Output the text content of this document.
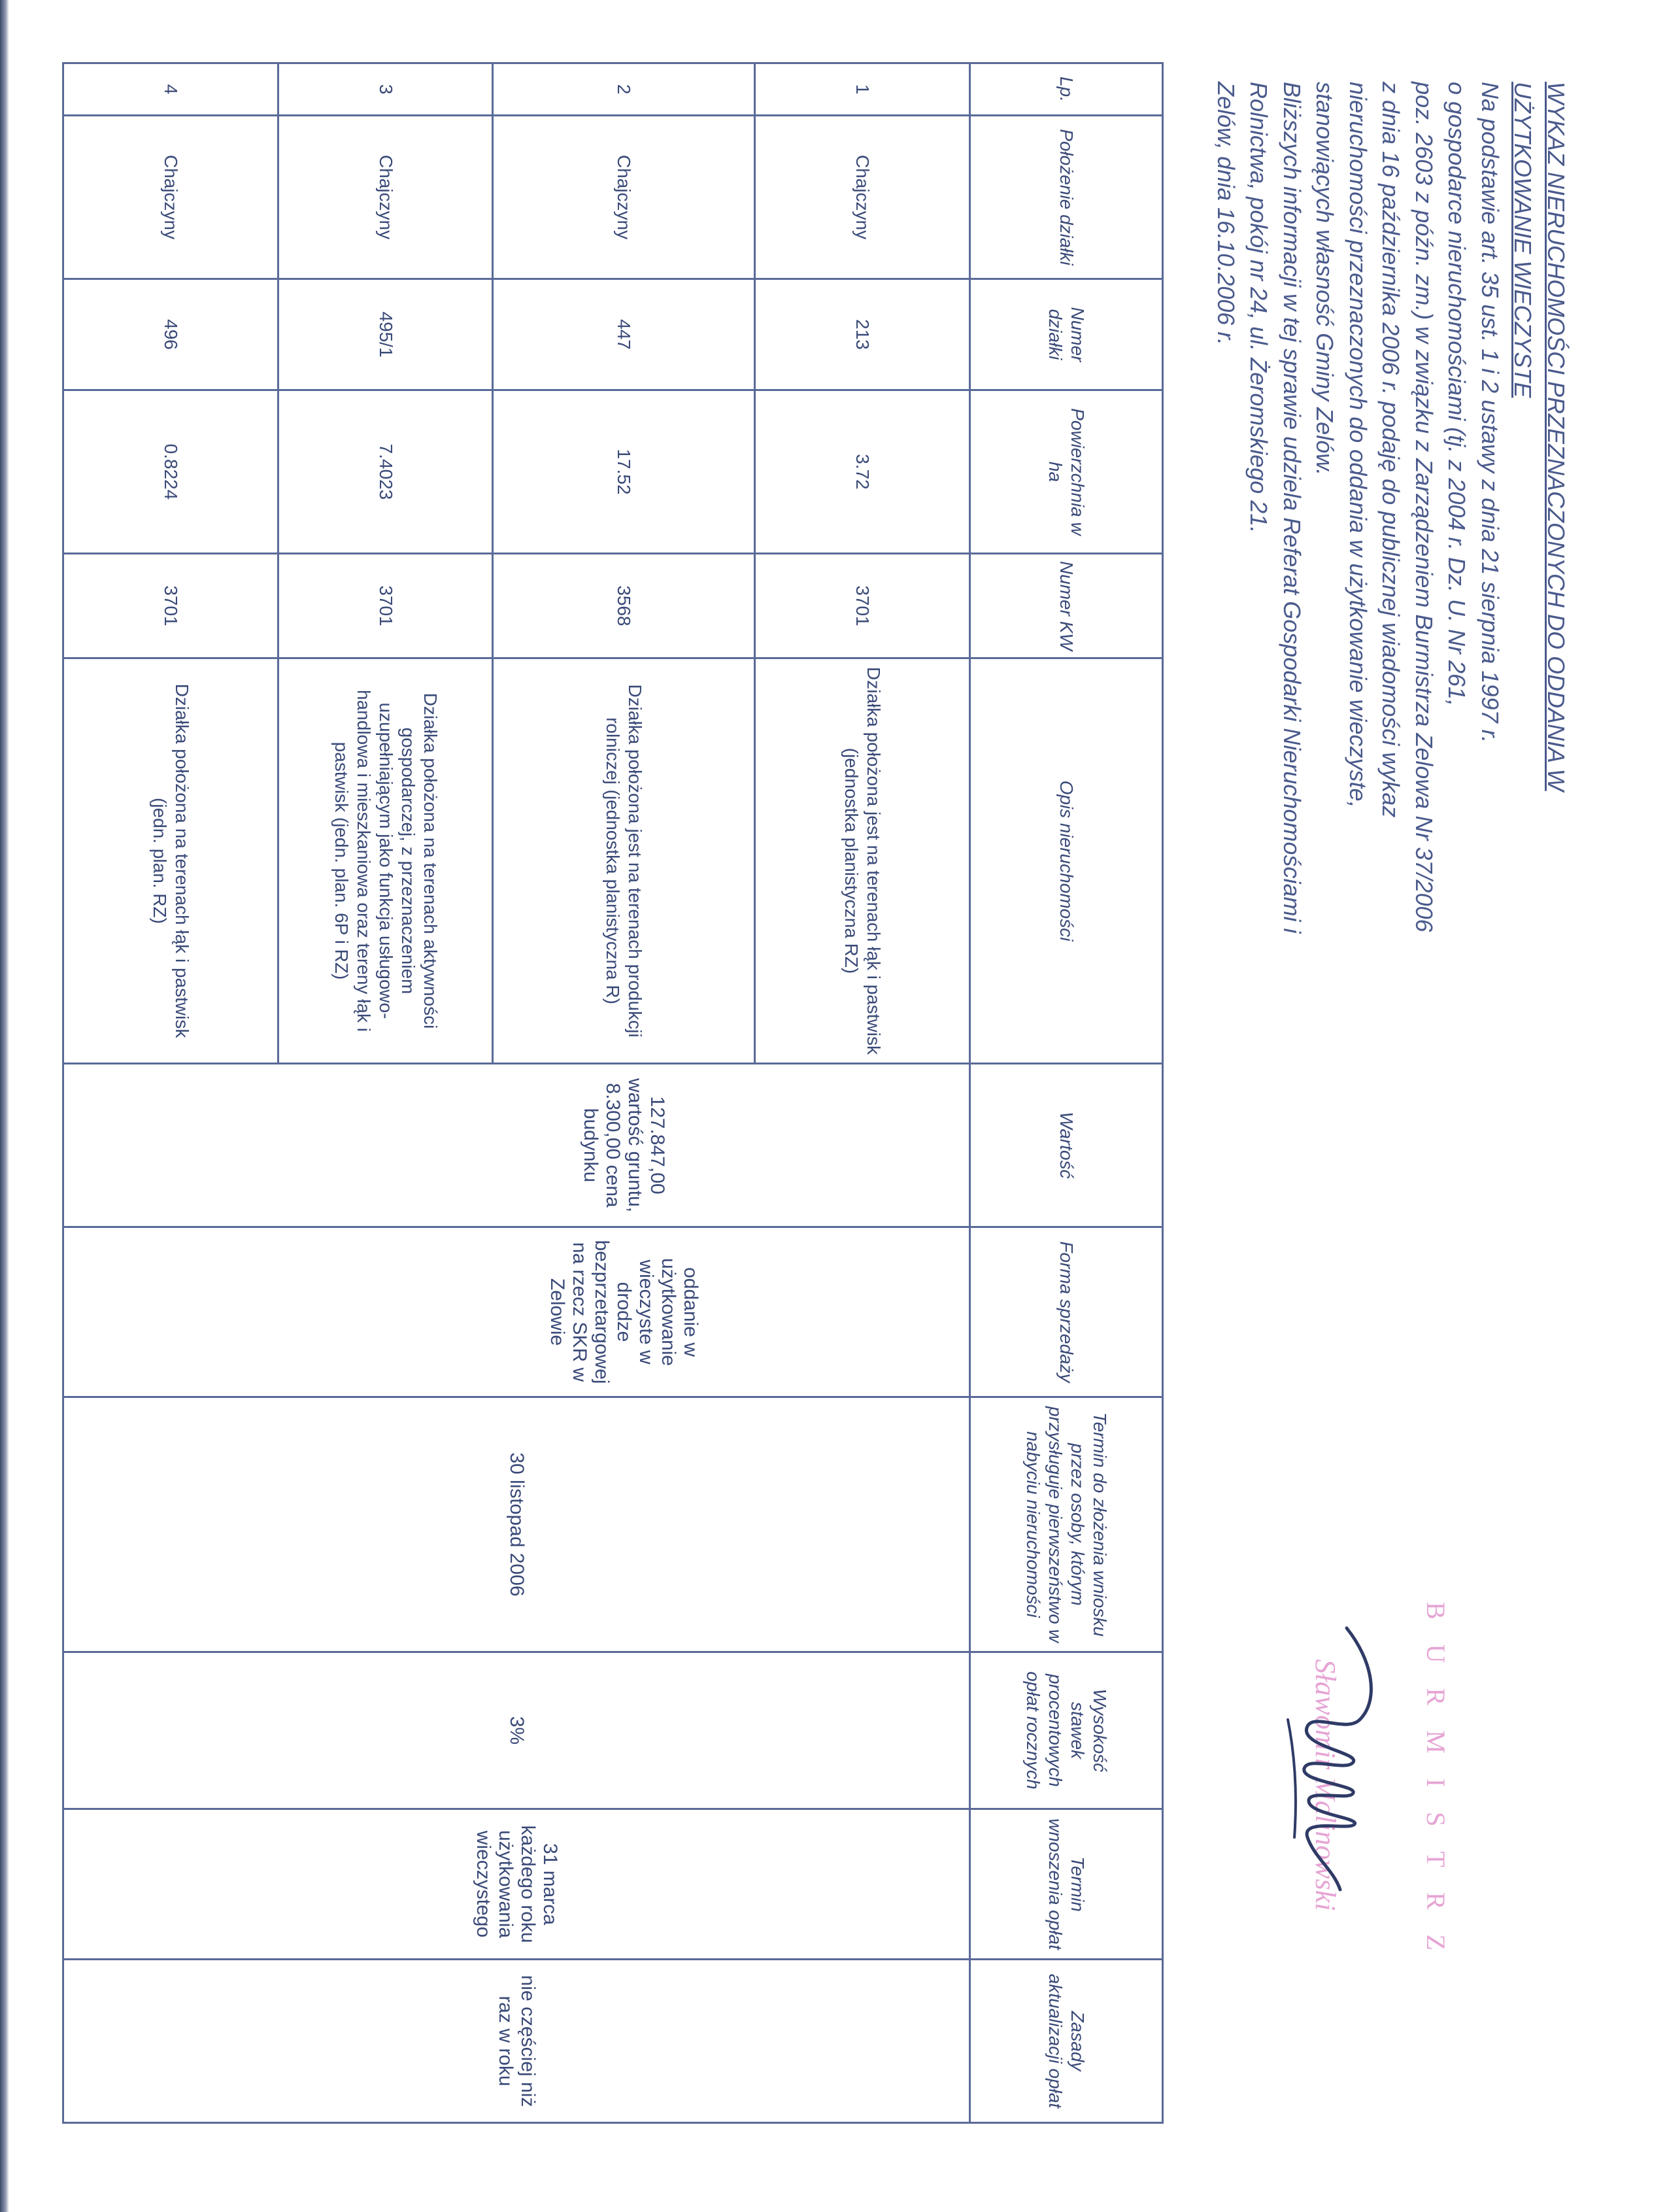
WYKAZ NIERUCHOMOŚCI PRZEZNACZONYCH DO ODDANIA W
UŻYTKOWANIE WIECZYSTE
Na podstawie art. 35 ust. 1 i 2 ustawy z dnia 21 sierpnia 1997 r.
o gospodarce nieruchomościami (tj. z 2004 r. Dz. U. Nr 261,
poz. 2603 z późn. zm.) w związku z Zarządzeniem Burmistrza Zelowa Nr 37/2006
z dnia 16 października 2006 r. podaję do publicznej wiadomości wykaz
nieruchomości przeznaczonych do oddania w użytkowanie wieczyste,
stanowiących własność Gminy Zelów.
Bliższych informacji w tej sprawie udziela Referat Gospodarki Nieruchomościami i
Rolnictwa, pokój nr 24, ul. Żeromskiego 21.
Zelów, dnia 16.10.2006 r.
Lp.	Położenie działki	Numer działki	Powierzchnia w ha	Numer KW	Opis nieruchomości	Wartość	Forma sprzedaży	Termin do złożenia wniosku przez osoby, którym przysługuje pierwszeństwo w nabyciu nieruchomości	Wysokość stawek procentowych opłat rocznych	Termin wnoszenia opłat	Zasady aktualizacji opłat
1	Chajczyny	213	3.72	3701	Działka położona jest na terenach łąk i pastwisk (jednostka planistyczna RZ)						
2	Chajczyny	447	17.52	3568	Działka położona jest na terenach produkcji rolniczej (jednostka planistyczna R)	127.847,00 wartość gruntu, 8.300,00 cena budynku	oddanie w użytkowanie wieczyste w drodze bezprzetargowej na rzecz SKR w Zelowie	30 listopad 2006	3%	31 marca każdego roku użytkowania wieczystego	nie częściej niż raz w roku
3	Chajczyny	495/1	7.4023	3701	Działka położona na terenach aktywności gospodarczej, z przeznaczeniem uzupełniającym jako funkcja usługowo-handlowa i mieszkaniowa oraz tereny łąk i pastwisk (jedn. plan. 6P i RZ)						
4	Chajczyny	496	0.8224	3701	Działka położona na terenach łąk i pastwisk (jedn. plan. RZ)						
BURMISTRZ
Sławomir Malinowski
